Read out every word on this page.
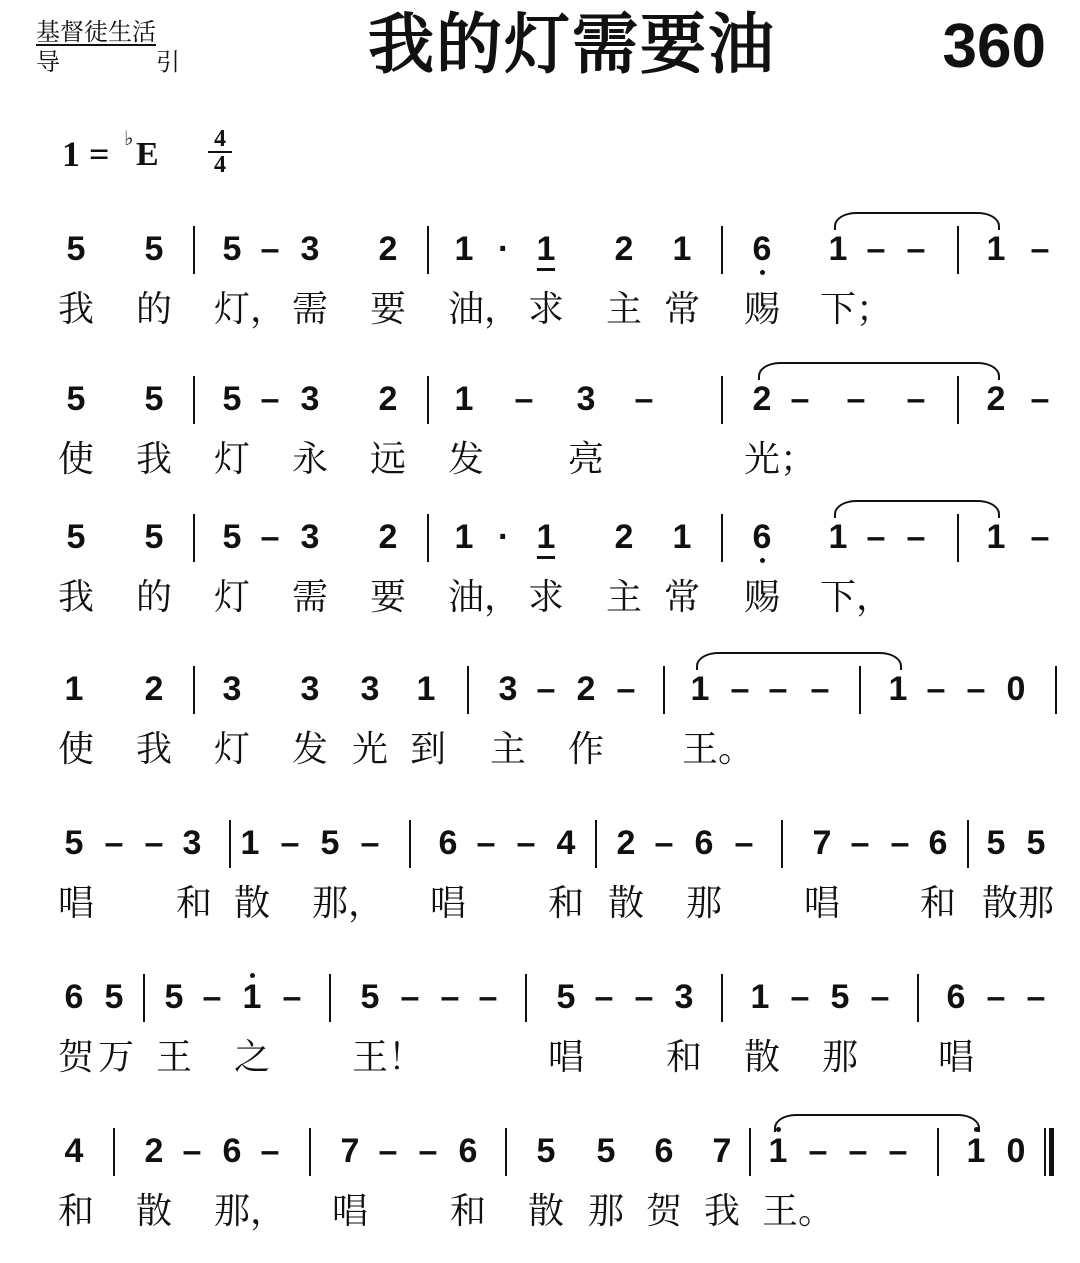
基督徒生活
导	引	我的灯需要油	360
1 = ♭ E 4
4
5 5 5 – 3 2 1 · 1 2 1 6 1 – – 1 –
我 的 灯， 需 要 油， 求 主 常 赐 下；
5 5 5 – 3 2 1 – 3 –	2 – – – 2 –
使 我 灯 永 远 发 亮	光；
5 5 5 – 3 2 1 · 1 2 1 6 1 – – 1 –
我 的 灯 需 要 油， 求 主 常 赐 下，
1 2 3 3 3 1 3 – 2 – 1 – – – 1 – – 0
使 我 灯 发 光 到 主 作 王。
5 – – 3 1 – 5 – 6 – – 4 2 – 6 – 7 – – 6 5 5
唱 和 散 那， 唱 和 散 那 唱 和 散 那
6 5 5 – 1 – 5 – – – 5 – – 3 1 – 5 – 6 – –
贺 万 王 之 王！	唱 和 散 那 唱
4 2 – 6 – 7 – – 6 5 5 6 7 1 – – – 1 0
和 散 那， 唱 和 散 那 贺 我 王。
